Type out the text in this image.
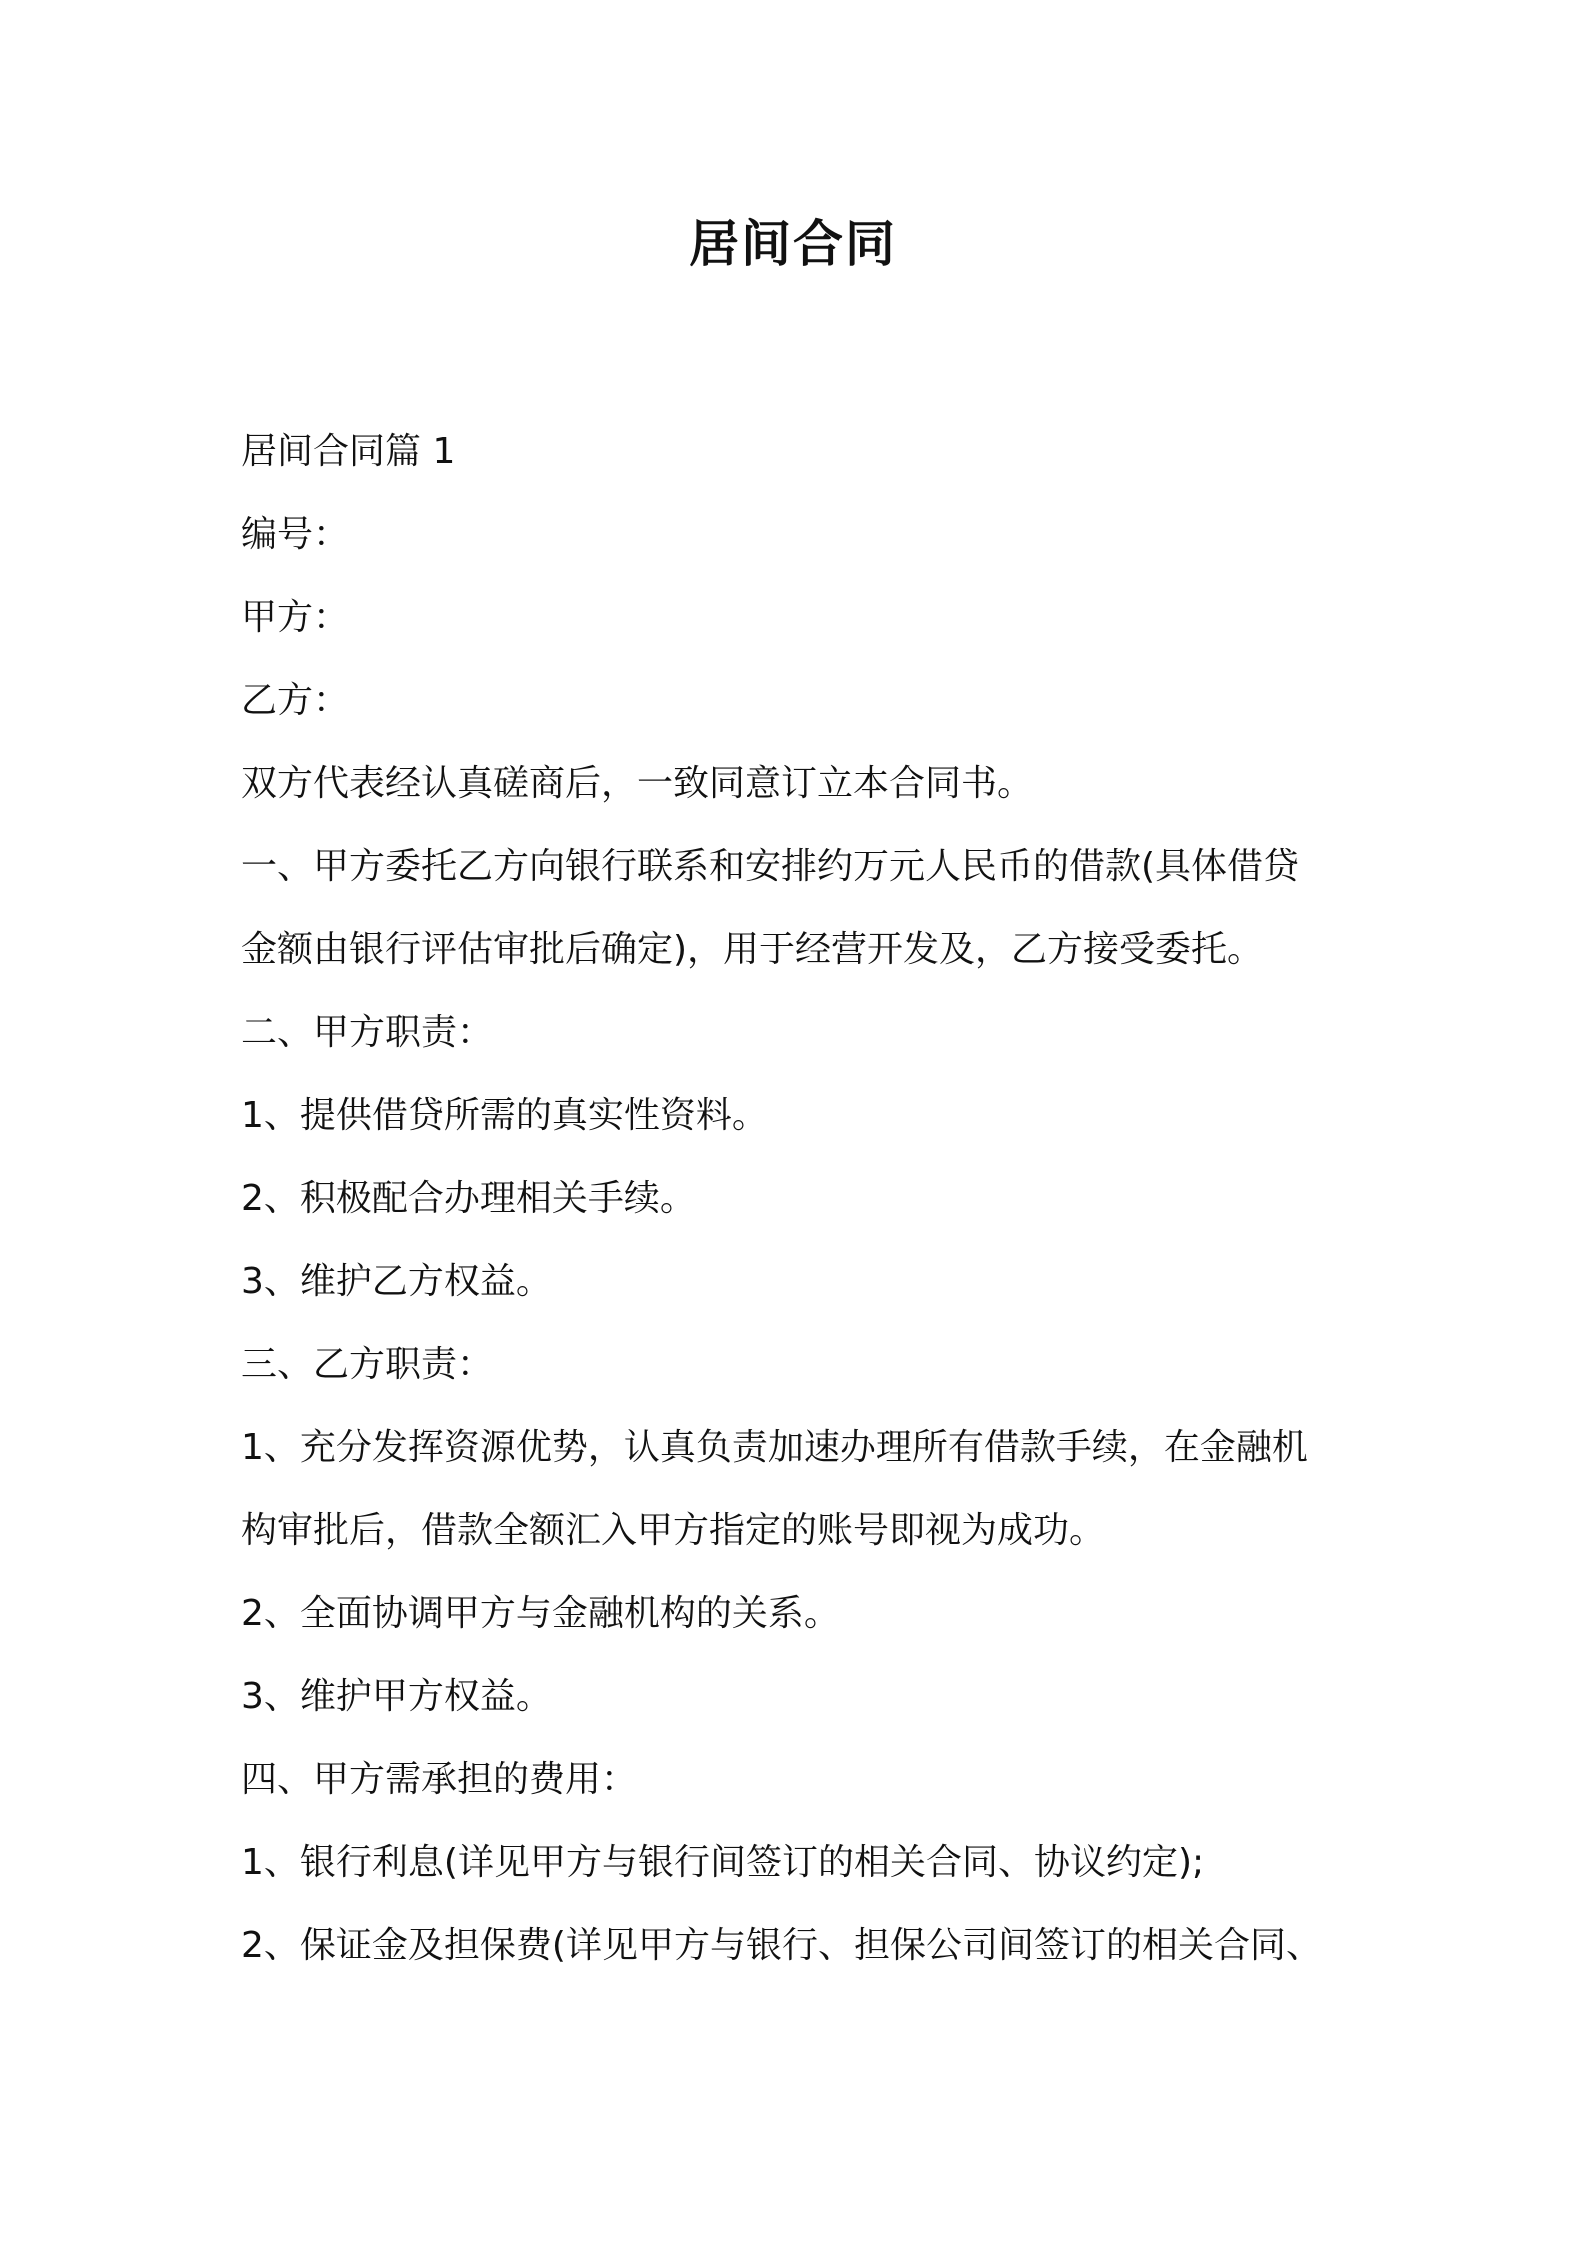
居间合同
居间合同篇 1
编号：
甲方：
乙方：
双方代表经认真磋商后，一致同意订立本合同书。
一、甲方委托乙方向银行联系和安排约万元人民币的借款(具体借贷
金额由银行评估审批后确定)，用于经营开发及，乙方接受委托。
二、甲方职责：
1、提供借贷所需的真实性资料。
2、积极配合办理相关手续。
3、维护乙方权益。
三、乙方职责：
1、充分发挥资源优势，认真负责加速办理所有借款手续，在金融机
构审批后，借款全额汇入甲方指定的账号即视为成功。
2、全面协调甲方与金融机构的关系。
3、维护甲方权益。
四、甲方需承担的费用：
1、银行利息(详见甲方与银行间签订的相关合同、协议约定);
2、保证金及担保费(详见甲方与银行、担保公司间签订的相关合同、
